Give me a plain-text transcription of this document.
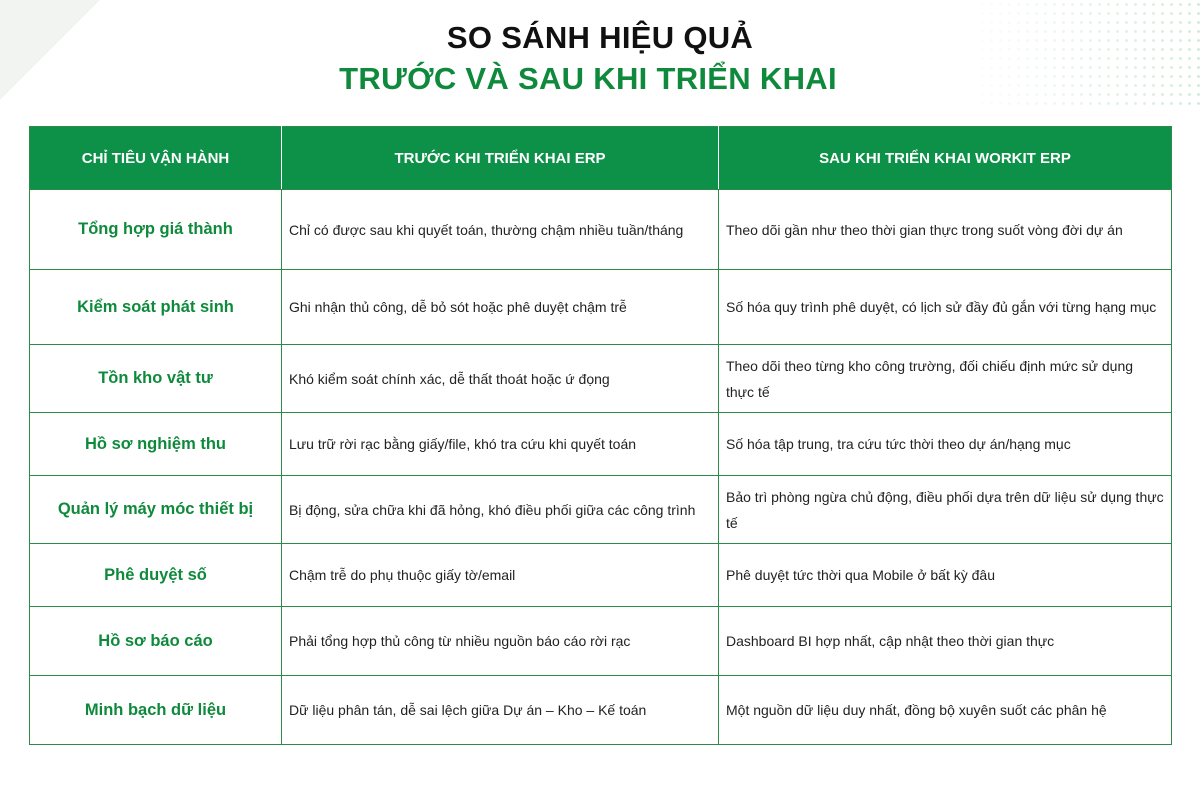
SO SÁNH HIỆU QUẢ
TRƯỚC VÀ SAU KHI TRIỂN KHAI
CHỈ TIÊU VẬN HÀNH	TRƯỚC KHI TRIỂN KHAI ERP	SAU KHI TRIỂN KHAI WORKIT ERP
Tổng hợp giá thành	Chỉ có được sau khi quyết toán, thường chậm nhiều tuần/tháng	Theo dõi gần như theo thời gian thực trong suốt vòng đời dự án
Kiểm soát phát sinh	Ghi nhận thủ công, dễ bỏ sót hoặc phê duyệt chậm trễ	Số hóa quy trình phê duyệt, có lịch sử đầy đủ gắn với từng hạng mục
Tồn kho vật tư	Khó kiểm soát chính xác, dễ thất thoát hoặc ứ đọng	Theo dõi theo từng kho công trường, đối chiếu định mức sử dụng thực tế
Hồ sơ nghiệm thu	Lưu trữ rời rạc bằng giấy/file, khó tra cứu khi quyết toán	Số hóa tập trung, tra cứu tức thời theo dự án/hạng mục
Quản lý máy móc thiết bị	Bị động, sửa chữa khi đã hỏng, khó điều phối giữa các công trình	Bảo trì phòng ngừa chủ động, điều phối dựa trên dữ liệu sử dụng thực tế
Phê duyệt số	Chậm trễ do phụ thuộc giấy tờ/email	Phê duyệt tức thời qua Mobile ở bất kỳ đâu
Hồ sơ báo cáo	Phải tổng hợp thủ công từ nhiều nguồn báo cáo rời rạc	Dashboard BI hợp nhất, cập nhật theo thời gian thực
Minh bạch dữ liệu	Dữ liệu phân tán, dễ sai lệch giữa Dự án – Kho – Kế toán	Một nguồn dữ liệu duy nhất, đồng bộ xuyên suốt các phân hệ
